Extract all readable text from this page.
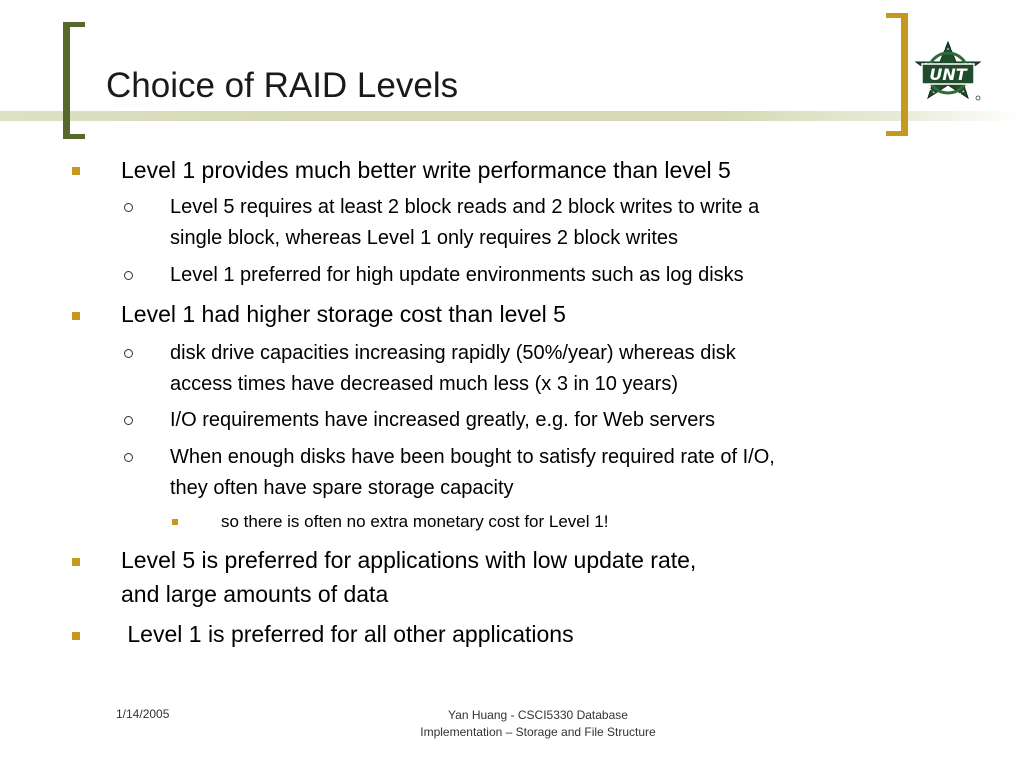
Choice of RAID Levels	UNT

Level 1 provides much better write performance than level 5

Level 5 requires at least 2 block reads and 2 block writes to write a

single block, whereas Level 1 only requires 2 block writes

Level 1 preferred for high update environments such as log disks

Level 1 had higher storage cost than level 5

disk drive capacities increasing rapidly (50%/year) whereas disk

access times have decreased much less (x 3 in 10 years)

I/O requirements have increased greatly, e.g. for Web servers

When enough disks have been bought to satisfy required rate of I/O,

they often have spare storage capacity

so there is often no extra monetary cost for Level 1!

Level 5 is preferred for applications with low update rate,

and large amounts of data

Level 1 is preferred for all other applications

1/14/2005	Yan Huang - CSCI5330 Database
Implementation – Storage and File Structure
